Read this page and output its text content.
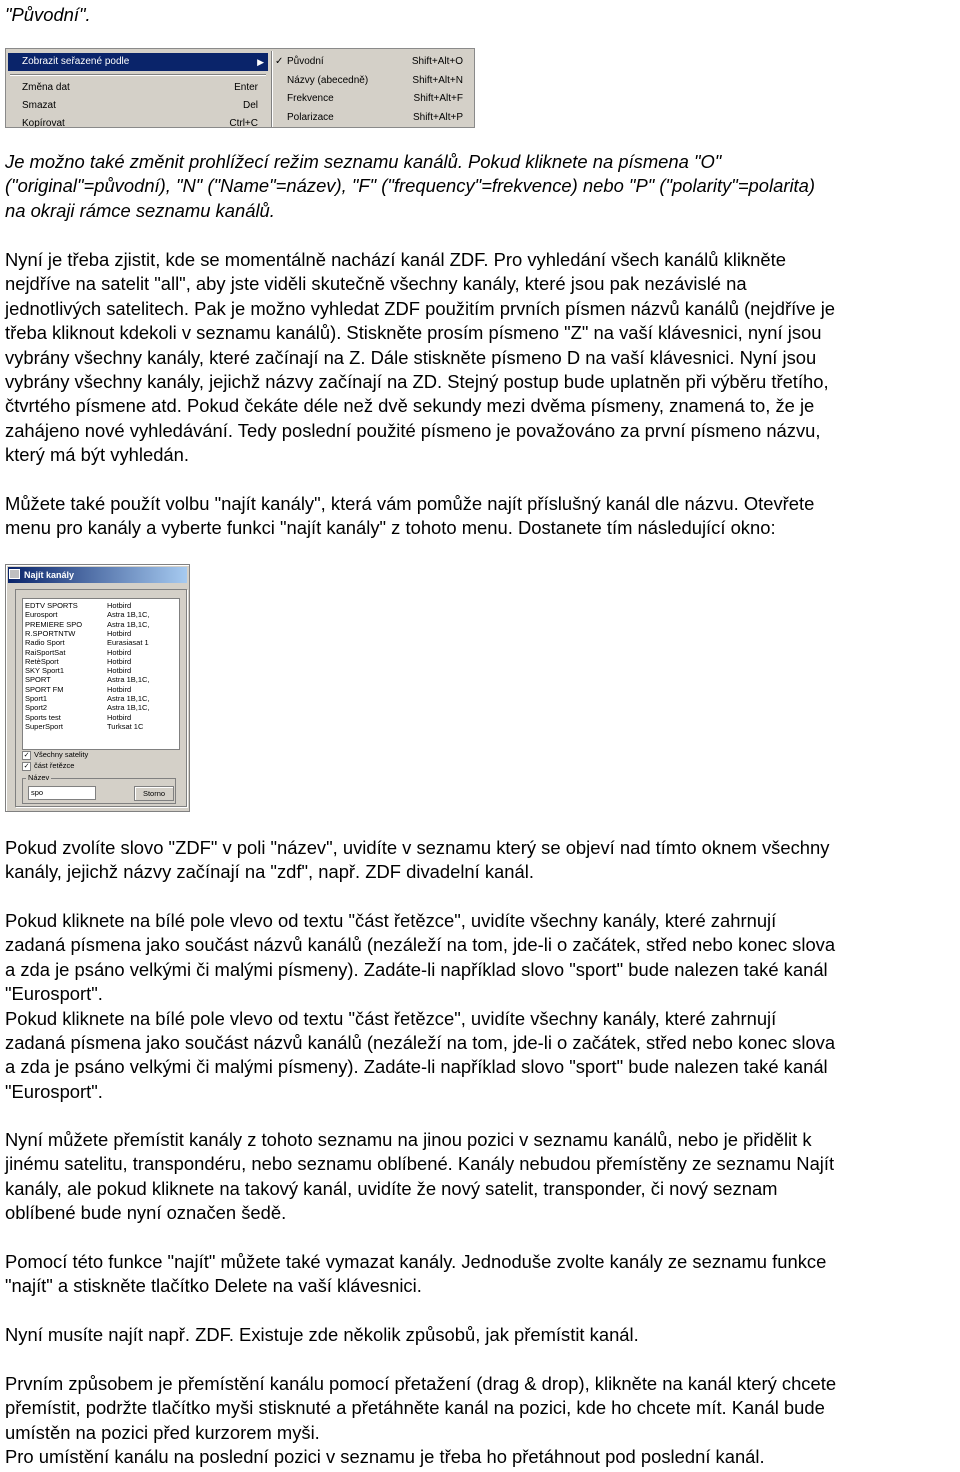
"Původní".

Zobrazit seřazené podle	▶
Změna dat	Enter
Smazat	Del
Kopírovat	Ctrl+C
✓ Původní	Shift+Alt+O
Názvy (abecedně)	Shift+Alt+N
Frekvence	Shift+Alt+F
Polarizace	Shift+Alt+P

Je možno také změnit prohlížecí režim seznamu kanálů. Pokud kliknete na písmena "O"
("original"=původní), "N" ("Name"=název), "F" ("frequency"=frekvence) nebo "P" ("polarity"=polarita)
na okraji rámce seznamu kanálů.

Nyní je třeba zjistit, kde se momentálně nachází kanál ZDF. Pro vyhledání všech kanálů klikněte
nejdříve na satelit "all", aby jste viděli skutečně všechny kanály, které jsou pak nezávislé na
jednotlivých satelitech. Pak je možno vyhledat ZDF použitím prvních písmen názvů kanálů (nejdříve je
třeba kliknout kdekoli v seznamu kanálů). Stiskněte prosím písmeno "Z" na vaší klávesnici, nyní jsou
vybrány všechny kanály, které začínají na Z. Dále stiskněte písmeno D na vaší klávesnici. Nyní jsou
vybrány všechny kanály, jejichž názvy začínají na ZD. Stejný postup bude uplatněn při výběru třetího,
čtvrtého písmene atd. Pokud čekáte déle než dvě sekundy mezi dvěma písmeny, znamená to, že je
zahájeno nové vyhledávání. Tedy poslední použité písmeno je považováno za první písmeno názvu,
který má být vyhledán.

Můžete také použít volbu "najít kanály", která vám pomůže najít příslušný kanál dle názvu. Otevřete
menu pro kanály a vyberte funkci "najít kanály" z tohoto menu. Dostanete tím následující okno:

Najít kanály
EDTV SPORTS	Hotbird
Eurosport	Astra 1B,1C,
PREMIERE SPO	Astra 1B,1C,
R.SPORTNTW	Hotbird
Radio Sport	Eurasiasat 1
RaiSportSat	Hotbird
RetèSport	Hotbird
SKY Sport1	Hotbird
SPORT	Astra 1B,1C,
SPORT FM	Hotbird
Sport1	Astra 1B,1C,
Sport2	Astra 1B,1C,
Sports test	Hotbird
SuperSport	Turksat 1C
✓ Všechny satelity
✓ část řetězce
Název
spo	Storno

Pokud zvolíte slovo "ZDF" v poli "název", uvidíte v seznamu který se objeví nad tímto oknem všechny
kanály, jejichž názvy začínají na "zdf", např. ZDF divadelní kanál.

Pokud kliknete na bílé pole vlevo od textu "část řetězce", uvidíte všechny kanály, které zahrnují
zadaná písmena jako součást názvů kanálů (nezáleží na tom, jde-li o začátek, střed nebo konec slova
a zda je psáno velkými či malými písmeny). Zadáte-li například slovo "sport" bude nalezen také kanál
"Eurosport".
Pokud kliknete na bílé pole vlevo od textu "část řetězce", uvidíte všechny kanály, které zahrnují
zadaná písmena jako součást názvů kanálů (nezáleží na tom, jde-li o začátek, střed nebo konec slova
a zda je psáno velkými či malými písmeny). Zadáte-li například slovo "sport" bude nalezen také kanál
"Eurosport".

Nyní můžete přemístit kanály z tohoto seznamu na jinou pozici v seznamu kanálů, nebo je přidělit k
jinému satelitu, transpondéru, nebo seznamu oblíbené. Kanály nebudou přemístěny ze seznamu Najít
kanály, ale pokud kliknete na takový kanál, uvidíte že nový satelit, transponder, či nový seznam
oblíbené bude nyní označen šedě.

Pomocí této funkce "najít" můžete také vymazat kanály. Jednoduše zvolte kanály ze seznamu funkce
"najít" a stiskněte tlačítko Delete na vaší klávesnici.

Nyní musíte najít např. ZDF. Existuje zde několik způsobů, jak přemístit kanál.

Prvním způsobem je přemístění kanálu pomocí přetažení (drag & drop), klikněte na kanál který chcete
přemístit, podržte tlačítko myši stisknuté a přetáhněte kanál na pozici, kde ho chcete mít. Kanál bude
umístěn na pozici před kurzorem myši.
Pro umístění kanálu na poslední pozici v seznamu je třeba ho přetáhnout pod poslední kanál.
